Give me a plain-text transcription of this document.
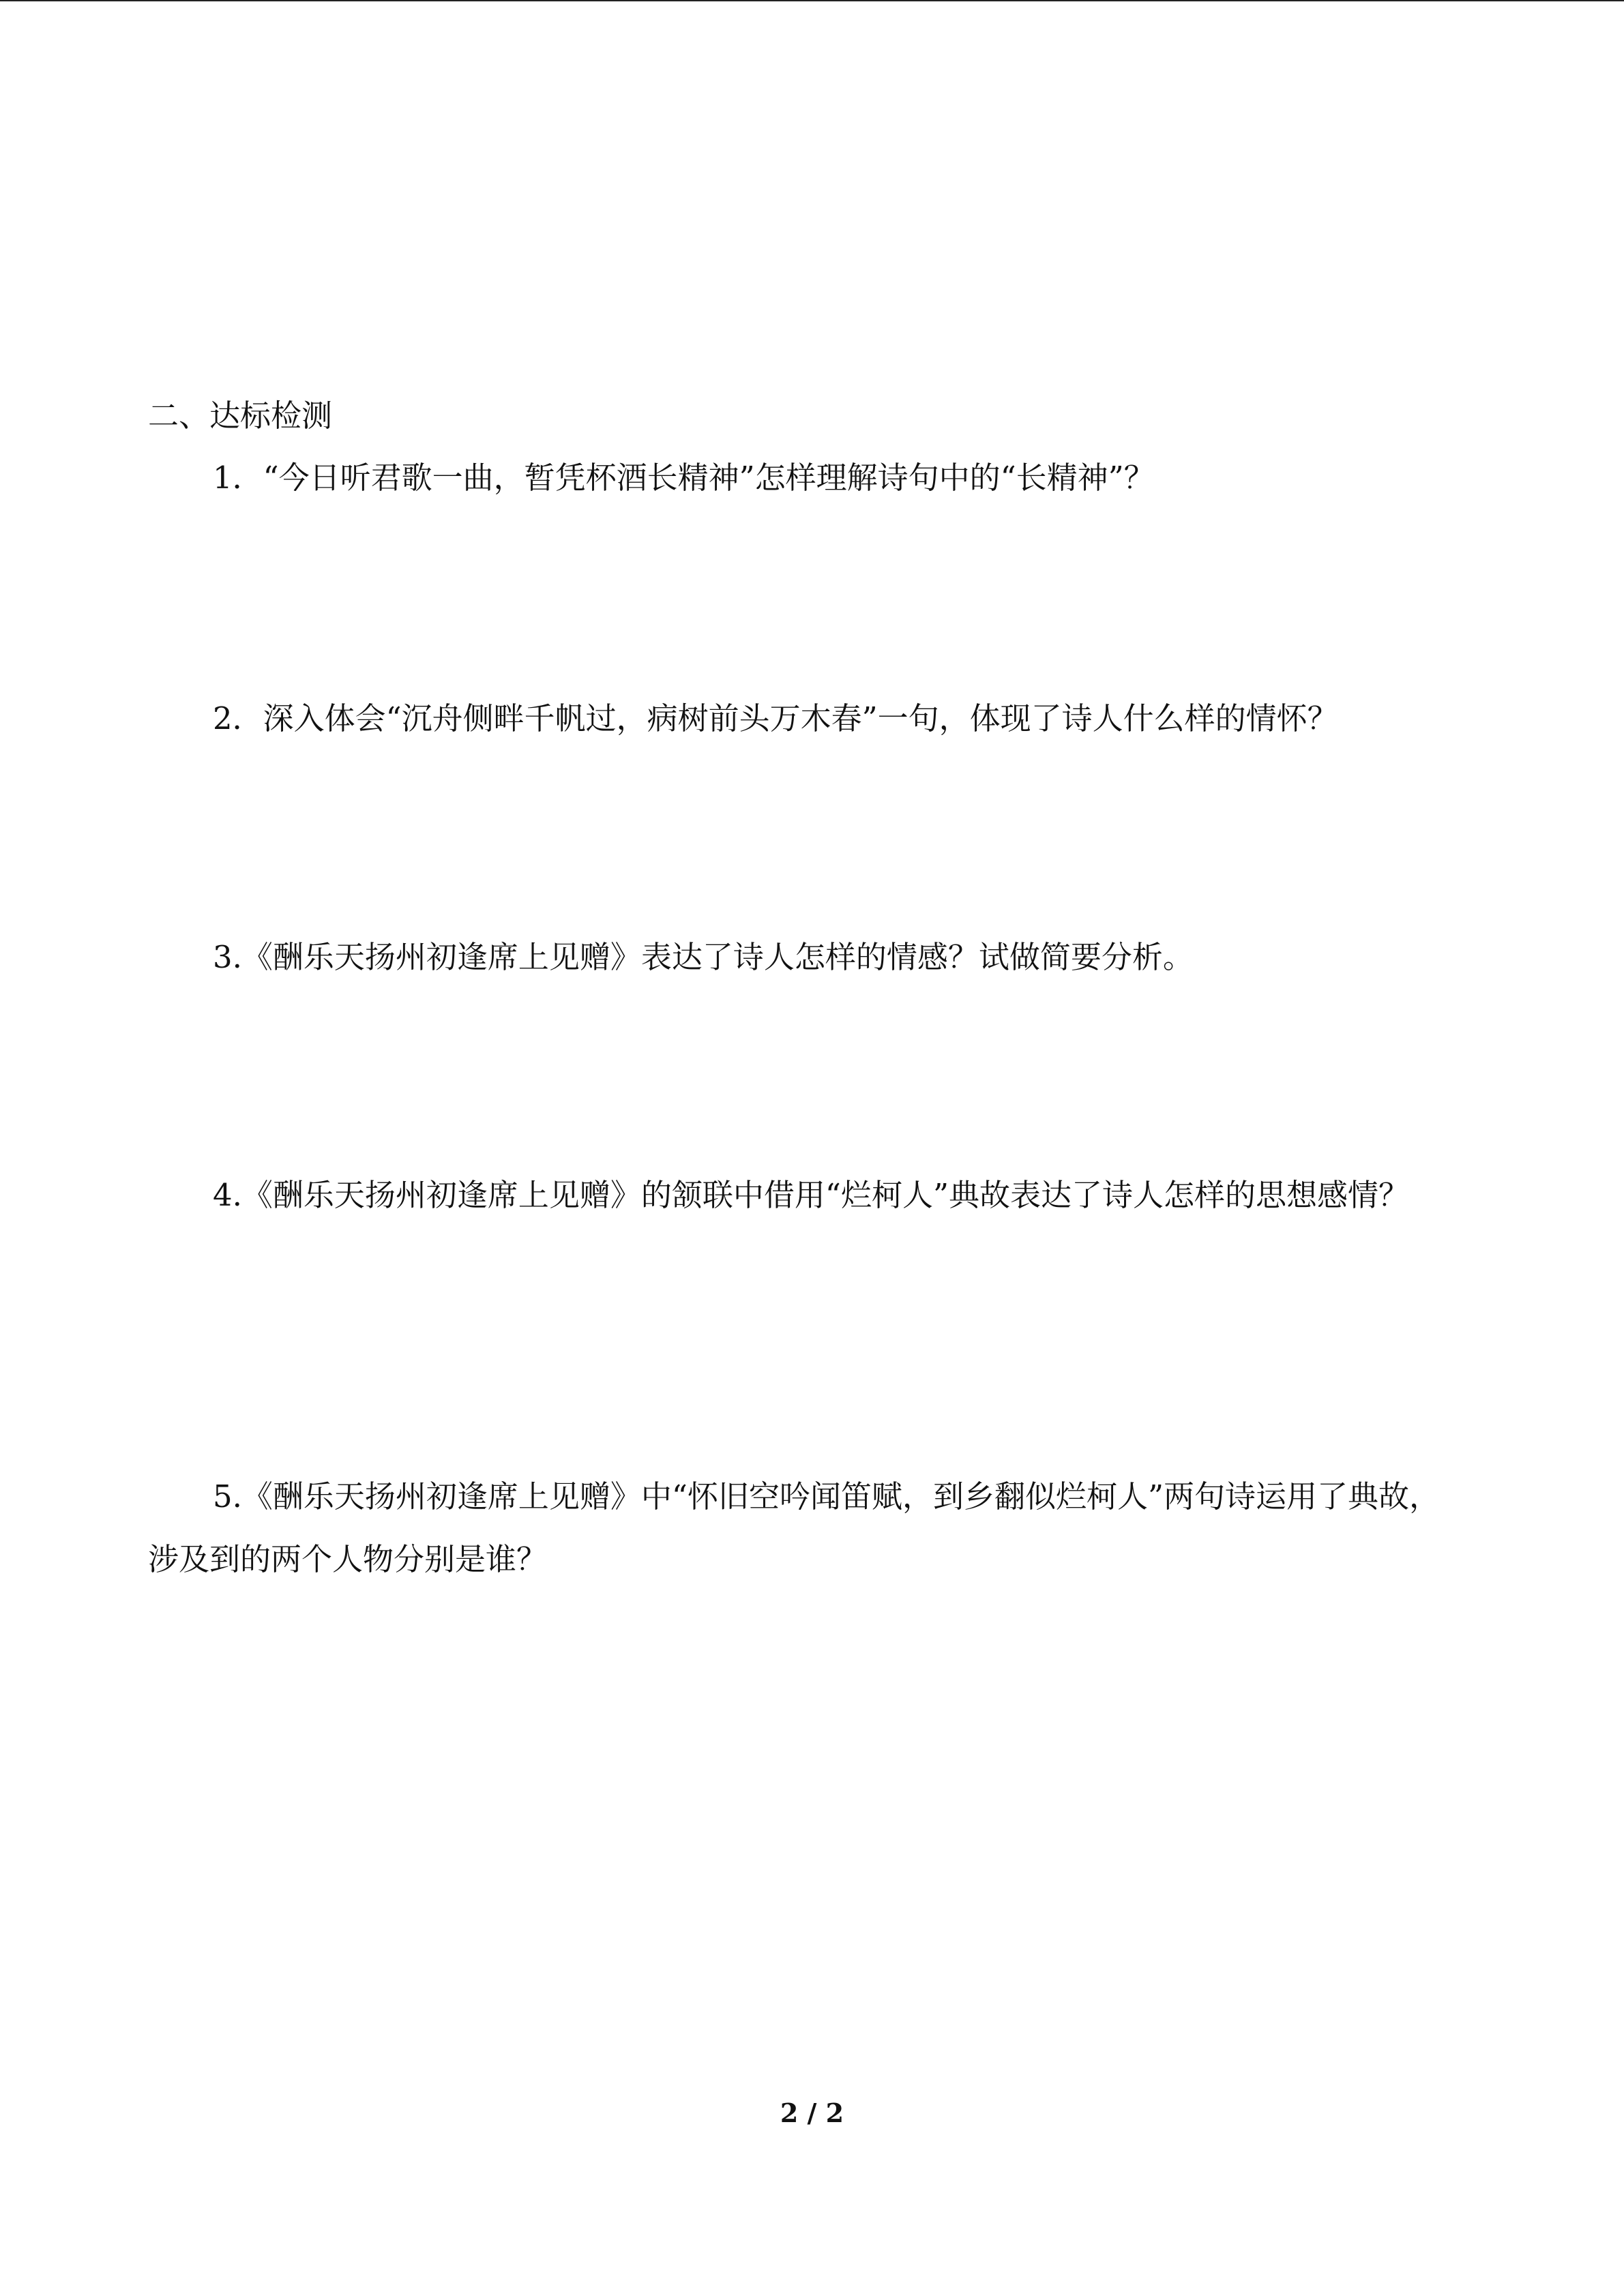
二、达标检测

1．“今日听君歌一曲，暂凭杯酒长精神”怎样理解诗句中的“长精神”？

2．深入体会“沉舟侧畔千帆过，病树前头万木春”一句，体现了诗人什么样的情怀？

3.《酬乐天扬州初逢席上见赠》表达了诗人怎样的情感？试做简要分析。

4.《酬乐天扬州初逢席上见赠》的颔联中借用“烂柯人”典故表达了诗人怎样的思想感情？

5.《酬乐天扬州初逢席上见赠》中“怀旧空吟闻笛赋，到乡翻似烂柯人”两句诗运用了典故，涉及到的两个人物分别是谁？

2 / 2
